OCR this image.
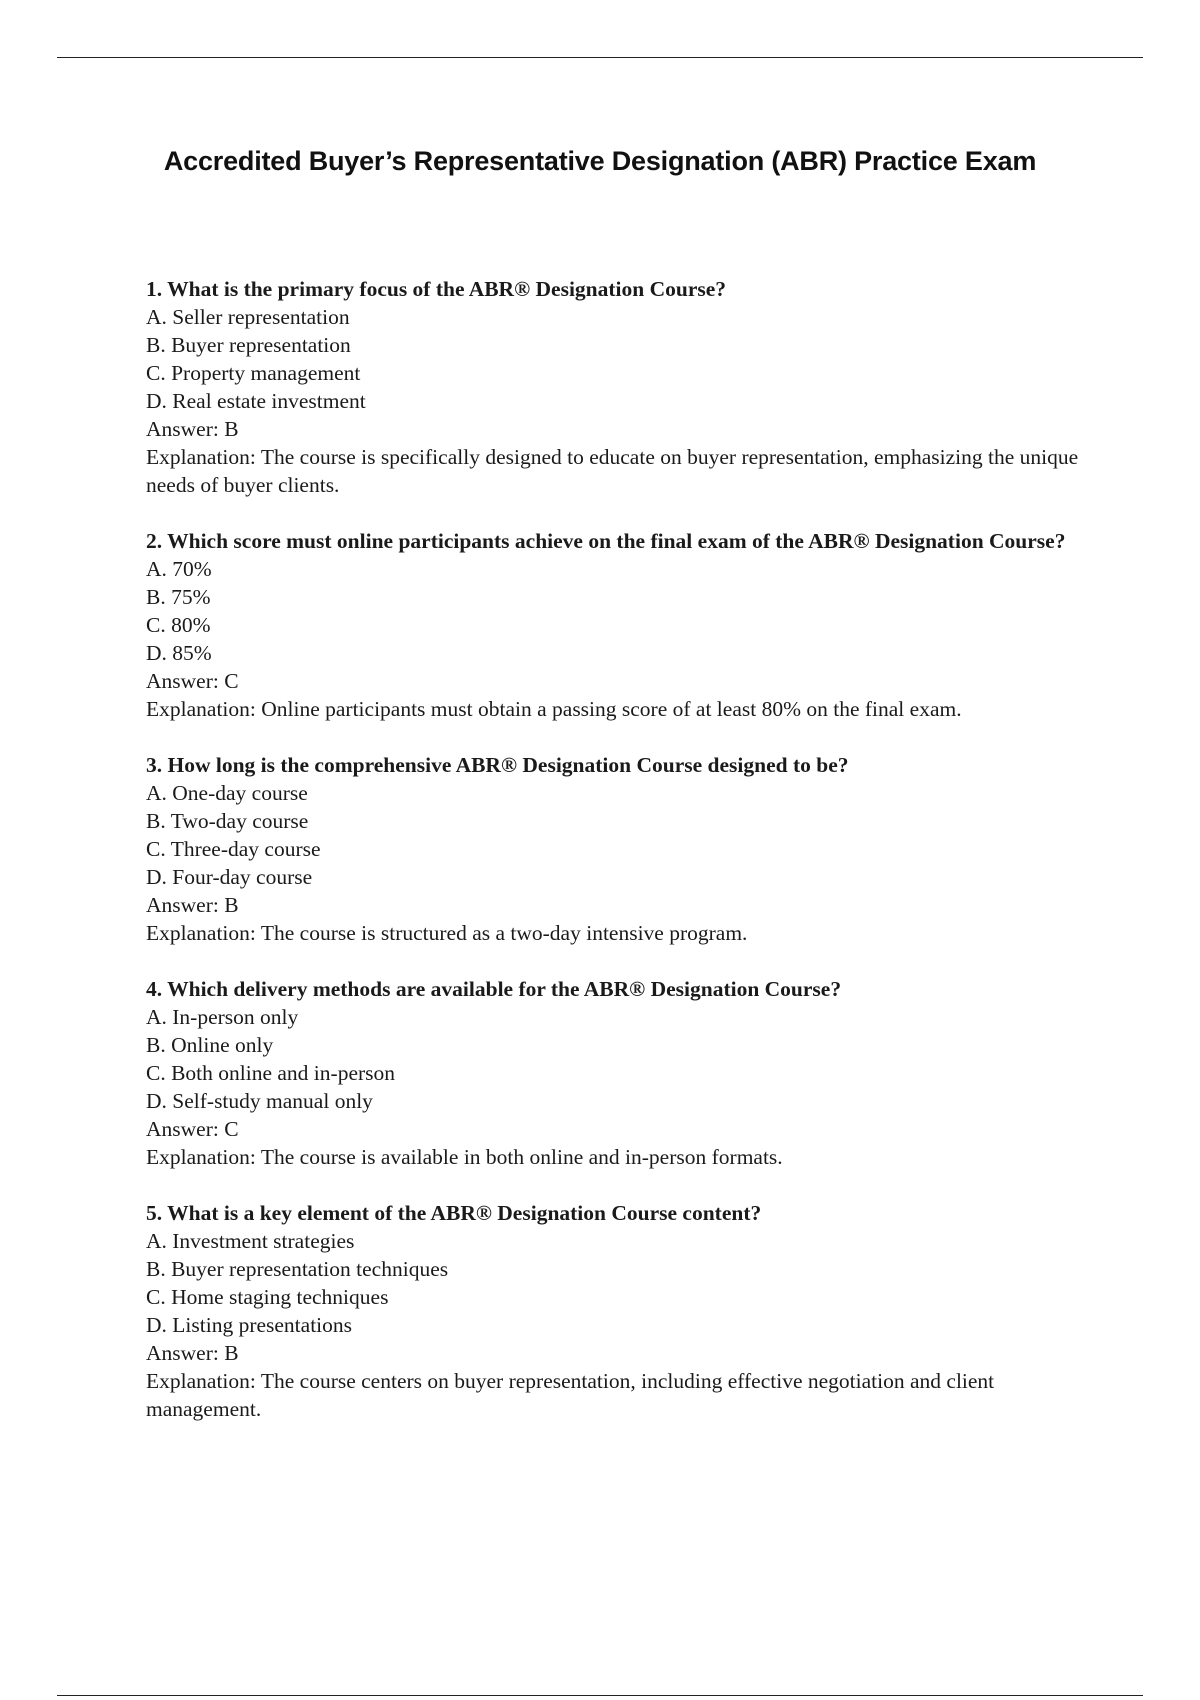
Accredited Buyer’s Representative Designation (ABR) Practice Exam

1. What is the primary focus of the ABR® Designation Course?

A. Seller representation
B. Buyer representation
C. Property management
D. Real estate investment

Answer: B

Explanation: The course is specifically designed to educate on buyer representation, emphasizing the unique needs of buyer clients.

2. Which score must online participants achieve on the final exam of the ABR® Designation Course?

A. 70%
B. 75%
C. 80%
D. 85%

Answer: C

Explanation: Online participants must obtain a passing score of at least 80% on the final exam.

3. How long is the comprehensive ABR® Designation Course designed to be?

A. One-day course
B. Two-day course
C. Three-day course
D. Four-day course

Answer: B

Explanation: The course is structured as a two-day intensive program.

4. Which delivery methods are available for the ABR® Designation Course?

A. In-person only
B. Online only
C. Both online and in-person
D. Self-study manual only

Answer: C

Explanation: The course is available in both online and in-person formats.

5. What is a key element of the ABR® Designation Course content?

A. Investment strategies
B. Buyer representation techniques
C. Home staging techniques
D. Listing presentations

Answer: B

Explanation: The course centers on buyer representation, including effective negotiation and client management.
